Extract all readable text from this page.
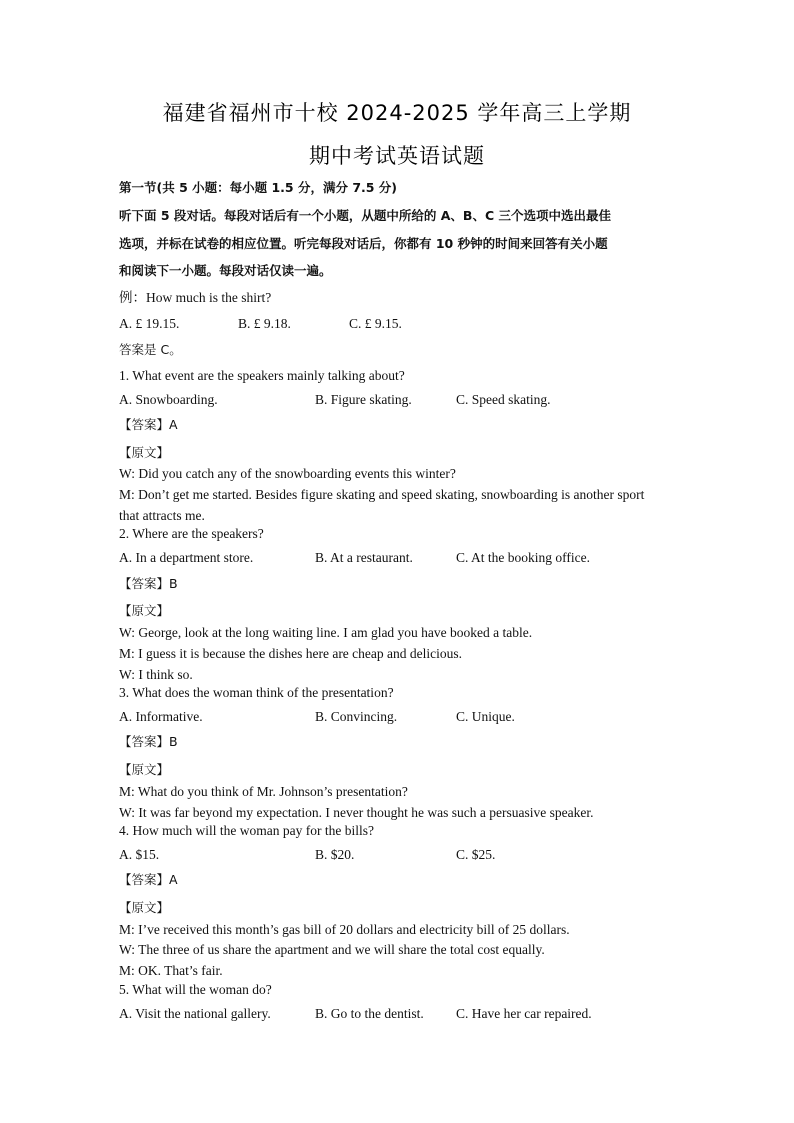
福建省福州市十校 2024-2025 学年高三上学期
期中考试英语试题
第一节(共 5 小题：每小题 1.5 分，满分 7.5 分)
听下面 5 段对话。每段对话后有一个小题，从题中所给的 A、B、C 三个选项中选出最佳
选项，并标在试卷的相应位置。听完每段对话后，你都有 10 秒钟的时间来回答有关小题
和阅读下一小题。每段对话仅读一遍。
例：How much is the shirt?
A. £ 19.15.	B. £ 9.18.	C. £ 9.15.
答案是 C。
1. What event are the speakers mainly talking about?
A. Snowboarding.	B. Figure skating.	C. Speed skating.
【答案】A
【原文】
W: Did you catch any of the snowboarding events this winter?
M: Don’t get me started. Besides figure skating and speed skating, snowboarding is another sport
that attracts me.
2. Where are the speakers?
A. In a department store.	B. At a restaurant.	C. At the booking office.
【答案】B
【原文】
W: George, look at the long waiting line. I am glad you have booked a table.
M: I guess it is because the dishes here are cheap and delicious.
W: I think so.
3. What does the woman think of the presentation?
A. Informative.	B. Convincing.	C. Unique.
【答案】B
【原文】
M: What do you think of Mr. Johnson’s presentation?
W: It was far beyond my expectation. I never thought he was such a persuasive speaker.
4. How much will the woman pay for the bills?
A. $15.	B. $20.	C. $25.
【答案】A
【原文】
M: I’ve received this month’s gas bill of 20 dollars and electricity bill of 25 dollars.
W: The three of us share the apartment and we will share the total cost equally.
M: OK. That’s fair.
5. What will the woman do?
A. Visit the national gallery.	B. Go to the dentist. C. Have her car repaired.
